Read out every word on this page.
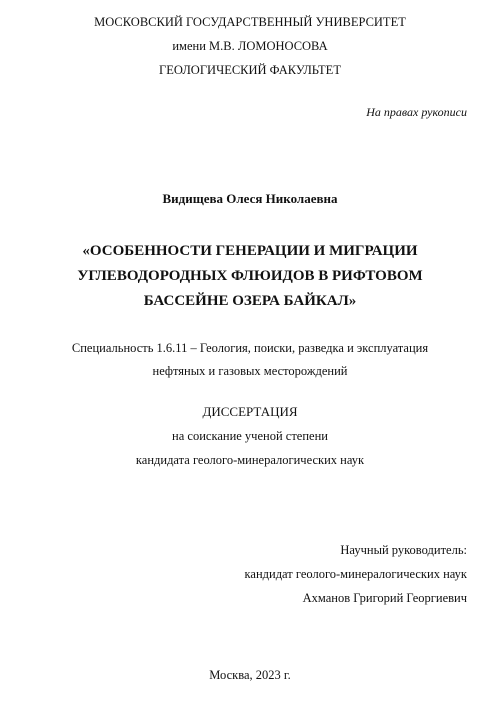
МОСКОВСКИЙ ГОСУДАРСТВЕННЫЙ УНИВЕРСИТЕТ
имени М.В. ЛОМОНОСОВА
ГЕОЛОГИЧЕСКИЙ ФАКУЛЬТЕТ
На правах рукописи
Видищева Олеся Николаевна
«ОСОБЕННОСТИ ГЕНЕРАЦИИ И МИГРАЦИИ
УГЛЕВОДОРОДНЫХ ФЛЮИДОВ В РИФТОВОМ
БАССЕЙНЕ ОЗЕРА БАЙКАЛ»
Специальность 1.6.11 – Геология, поиски, разведка и эксплуатация
нефтяных и газовых месторождений
ДИССЕРТАЦИЯ
на соискание ученой степени
кандидата геолого-минералогических наук
Научный руководитель:
кандидат геолого-минералогических наук
Ахманов Григорий Георгиевич
Москва, 2023 г.
